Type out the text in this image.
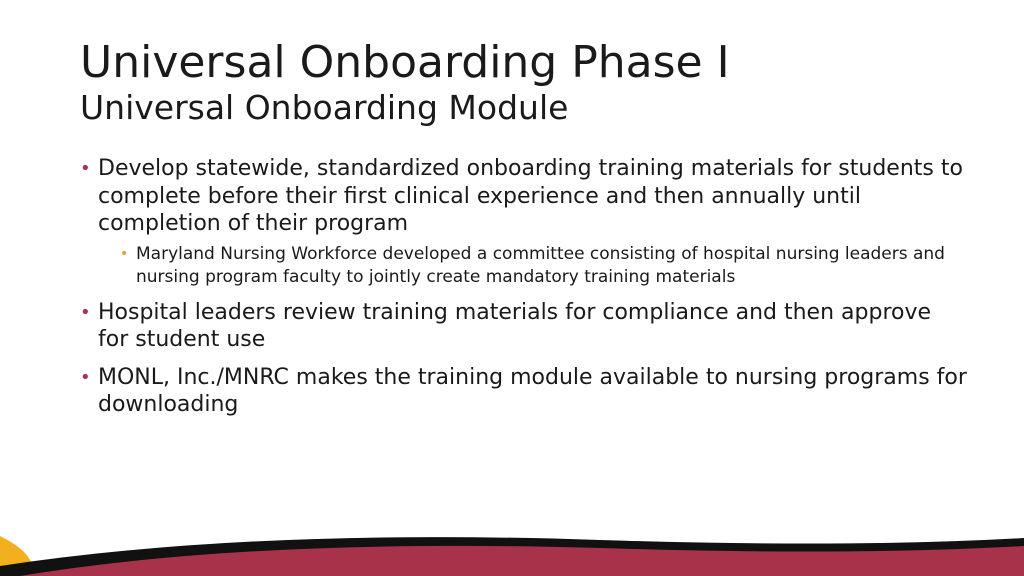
Universal Onboarding Phase I
Universal Onboarding Module
• Develop statewide, standardized onboarding training materials for students to complete before their first clinical experience and then annually until completion of their program
• Maryland Nursing Workforce developed a committee consisting of hospital nursing leaders and nursing program faculty to jointly create mandatory training materials
• Hospital leaders review training materials for compliance and then approve for student use
• MONL, Inc./MNRC makes the training module available to nursing programs for downloading
